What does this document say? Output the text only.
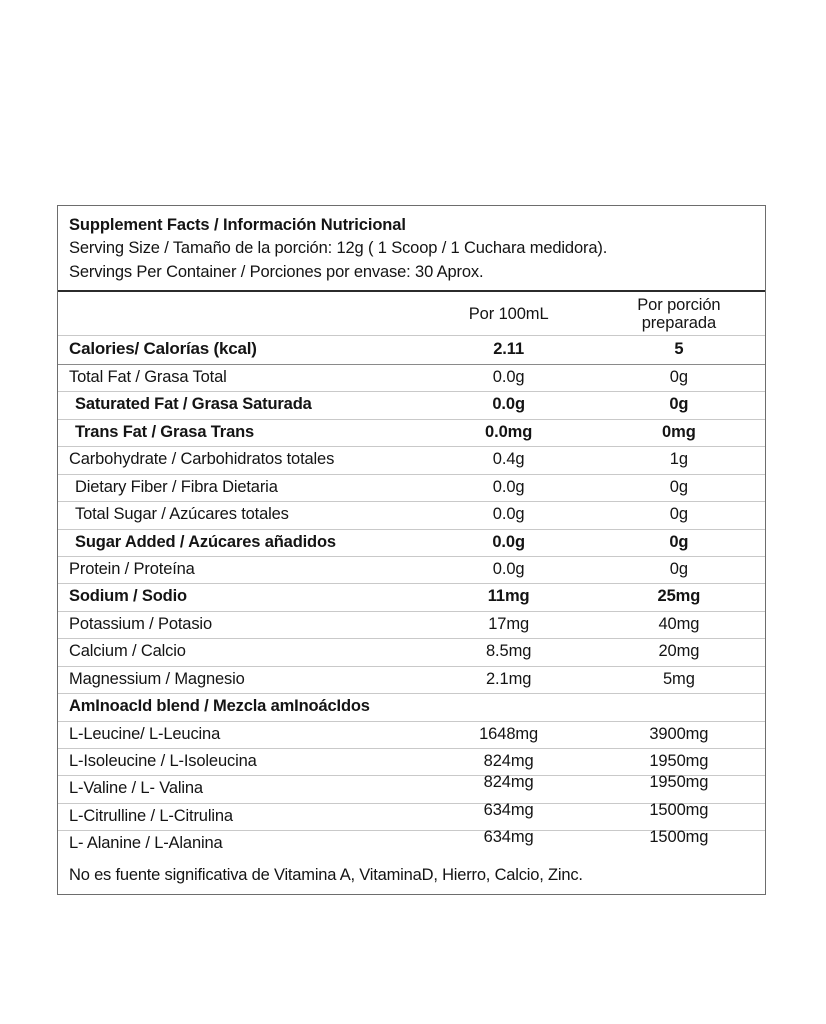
Supplement Facts / Información Nutricional
Serving Size / Tamaño de la porción: 12g ( 1 Scoop / 1 Cuchara medidora).
Servings Per Container / Porciones por envase: 30 Aprox.

	Por 100mL	Por porción
preparada

Calories/ Calorías (kcal)	2.11	5

Total Fat / Grasa Total	0.0g	0g

Saturated Fat / Grasa Saturada	0.0g	0g

Trans Fat / Grasa Trans	0.0mg	0mg

Carbohydrate / Carbohidratos totales	0.4g	1g

Dietary Fiber / Fibra Dietaria	0.0g	0g

Total Sugar / Azúcares totales	0.0g	0g

Sugar Added / Azúcares añadidos	0.0g	0g

Protein / Proteína	0.0g	0g

Sodium / Sodio	11mg	25mg

Potassium / Potasio	17mg	40mg

Calcium / Calcio	8.5mg	20mg

Magnessium / Magnesio	2.1mg	5mg

AmInoacId blend / Mezcla amInoácIdos		

L-Leucine/ L-Leucina	1648mg	3900mg

L-Isoleucine / L-Isoleucina	824mg	1950mg

L-Valine / L- Valina	824mg	1950mg

L-Citrulline / L-Citrulina	634mg	1500mg

L- Alanine / L-Alanina	634mg	1500mg

No es fuente significativa de Vitamina A, VitaminaD, Hierro, Calcio, Zinc.		
